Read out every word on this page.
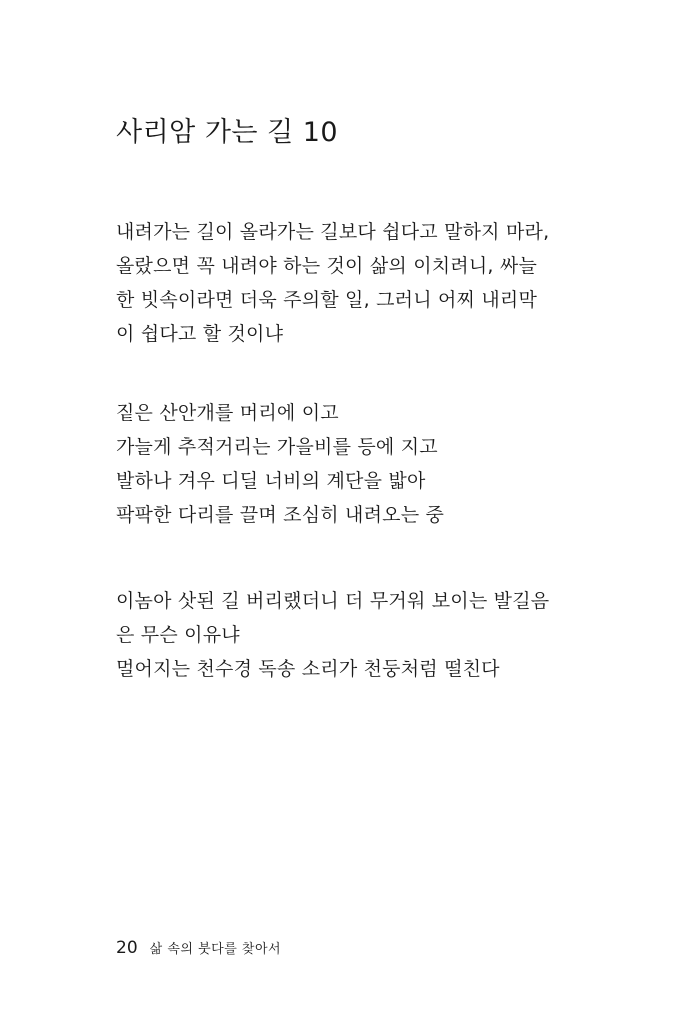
사리암 가는 길 10
내려가는 길이 올라가는 길보다 쉽다고 말하지 마라,
올랐으면 꼭 내려야 하는 것이 삶의 이치려니, 싸늘
한 빗속이라면 더욱 주의할 일, 그러니 어찌 내리막
이 쉽다고 할 것이냐
짙은 산안개를 머리에 이고
가늘게 추적거리는 가을비를 등에 지고
발하나 겨우 디딜 너비의 계단을 밟아
팍팍한 다리를 끌며 조심히 내려오는 중
이놈아 삿된 길 버리랬더니 더 무거워 보이는 발길음
은 무슨 이유냐
멀어지는 천수경 독송 소리가 천둥처럼 떨친다
20 삶 속의 붓다를 찾아서
